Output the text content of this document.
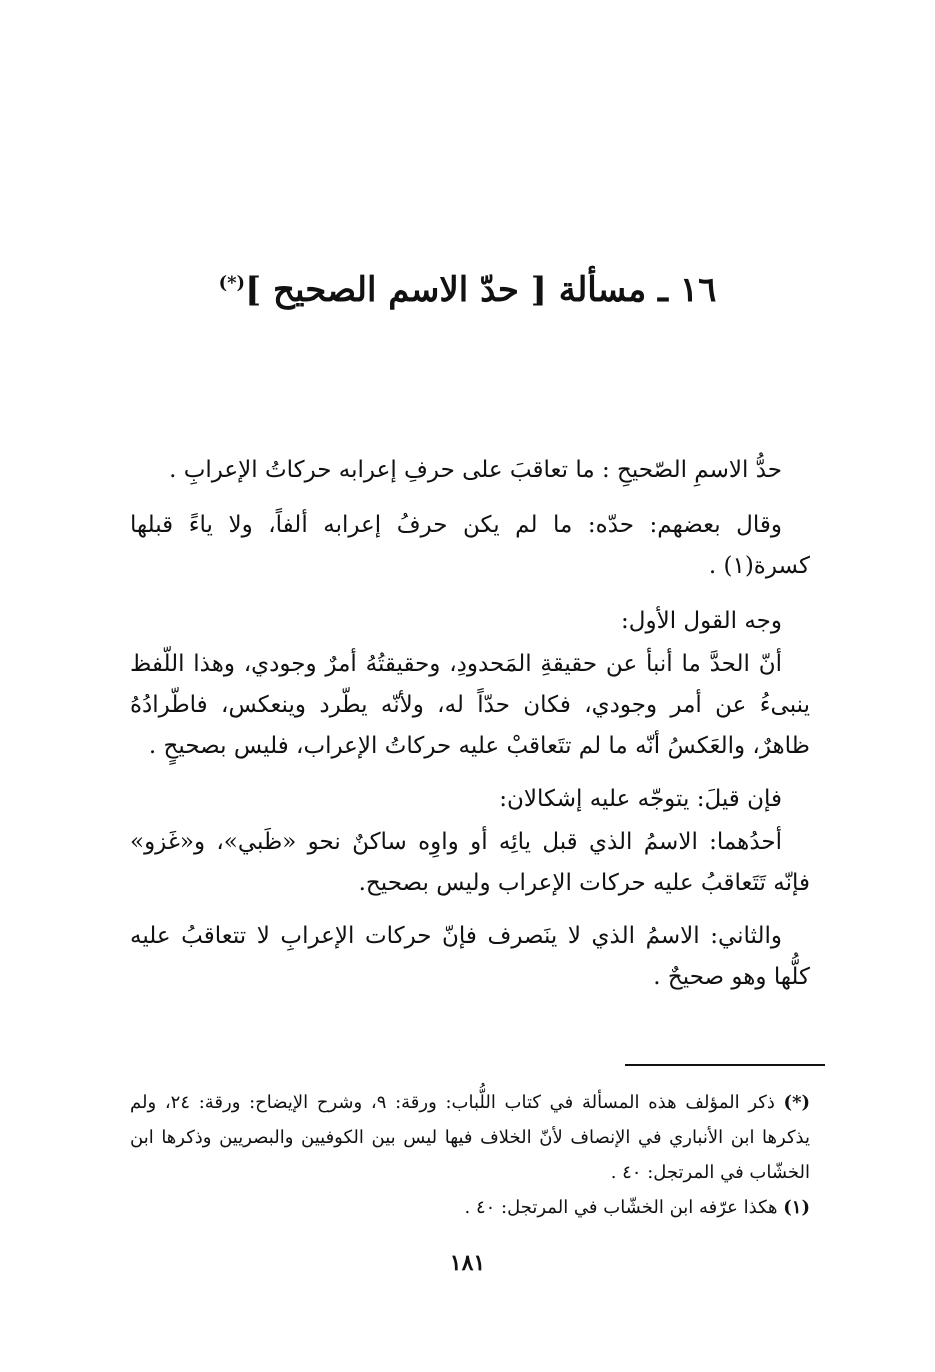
١٦ ـ مسألة [ حدّ الاسم الصحيح ](*)

حدُّ الاسمِ الصّحيحِ : ما تعاقبَ على حرفِ إعرابه حركاتُ الإعرابِ .

وقال بعضهم: حدّه: ما لم يكن حرفُ إعرابه ألفاً، ولا ياءً قبلها كسرة(١) .

وجه القول الأول:

أنّ الحدَّ ما أنبأ عن حقيقةِ المَحدودِ، وحقيقتُهُ أمرٌ وجودي، وهذا اللّفظ ينبىءُ عن أمر وجودي، فكان حدّاً له، ولأنّه يطّرد وينعكس، فاطّرادُهُ ظاهرٌ، والعَكسُ أنّه ما لم تتَعاقبْ عليه حركاتُ الإعراب، فليس بصحيحٍ .

فإن قيلَ: يتوجّه عليه إشكالان:

أحدُهما: الاسمُ الذي قبل يائِه أو واوِه ساكنٌ نحو «ظَبي»، و«غَزو» فإنّه تَتَعاقبُ عليه حركات الإعراب وليس بصحيح.

والثاني: الاسمُ الذي لا ينَصرف فإنّ حركات الإعرابِ لا تتعاقبُ عليه كلُّها وهو صحيحٌ .

(*) ذكر المؤلف هذه المسألة في كتاب اللُّباب: ورقة: ٩، وشرح الإيضاح: ورقة: ٢٤، ولم يذكرها ابن الأنباري في الإنصاف لأنّ الخلاف فيها ليس بين الكوفيين والبصريين وذكرها ابن الخشّاب في المرتجل: ٤٠ .

(١) هكذا عرّفه ابن الخشّاب في المرتجل: ٤٠ .

١٨١
